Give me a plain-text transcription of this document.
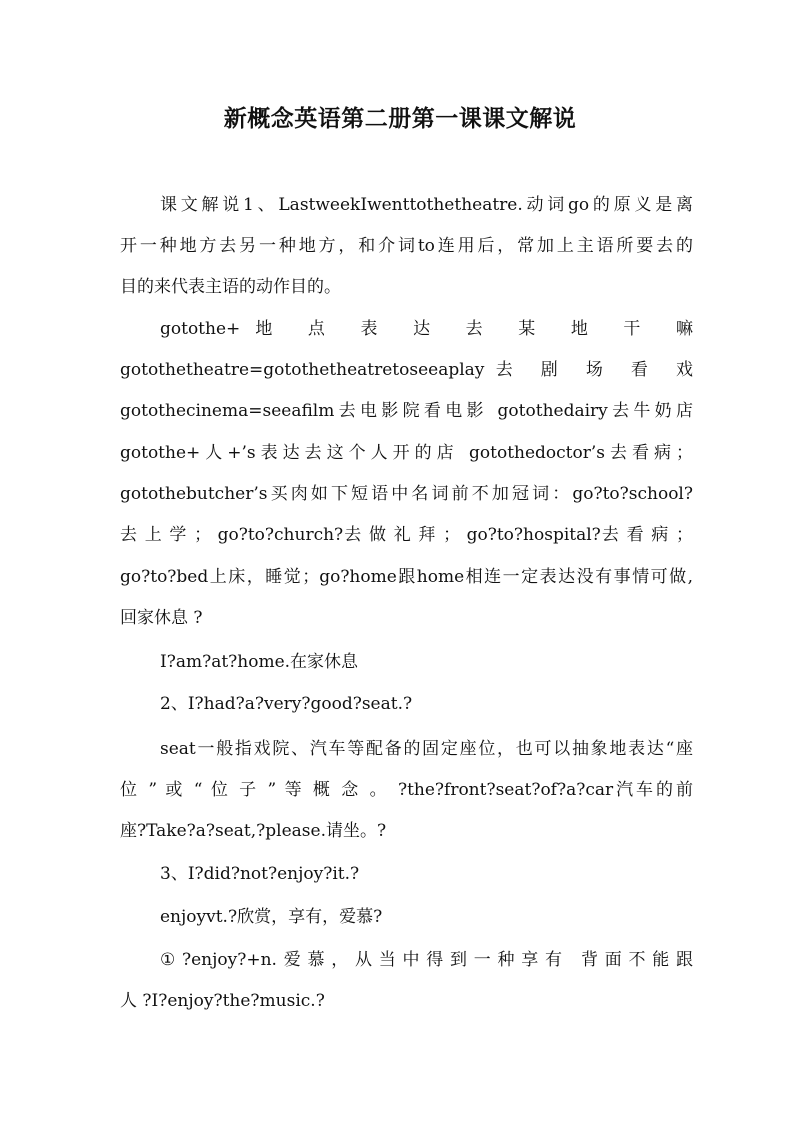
新概念英语第二册第一课课文解说
课文解说1、LastweekIwenttothetheatre.动词go的原义是离
开一种地方去另一种地方，和介词to连用后，常加上主语所要去的
目的来代表主语的动作目的。
gotothe+地 点 表 达 去 某 地 干 嘛
gotothetheatre=gotothetheatretoseeaplay去 剧 场 看 戏
gotothecinema=seeafilm去电影院看电影 gotothedairy去牛奶店
gotothe+人+’s表达去这个人开的店 gotothedoctor’s去看病；
gotothebutcher’s买肉如下短语中名词前不加冠词：go?to?school?
去 上 学 ； go?to?church?去 做 礼 拜 ； go?to?hospital?去 看 病 ；
go?to?bed上床，睡觉；go?home跟home相连一定表达没有事情可做,
回家休息 ?
I?am?at?home.在家休息
2、I?had?a?very?good?seat.?
seat一般指戏院、汽车等配备的固定座位，也可以抽象地表达“座
位 ” 或 “ 位 子 ” 等 概 念 。 ?the?front?seat?of?a?car汽车的前
座?Take?a?seat,?please.请坐。?
3、I?did?not?enjoy?it.?
enjoyvt.?欣赏，享有，爱慕?
①?enjoy?+n.爱慕，从当中得到一种享有 背面不能跟
人 ?I?enjoy?the?music.?
